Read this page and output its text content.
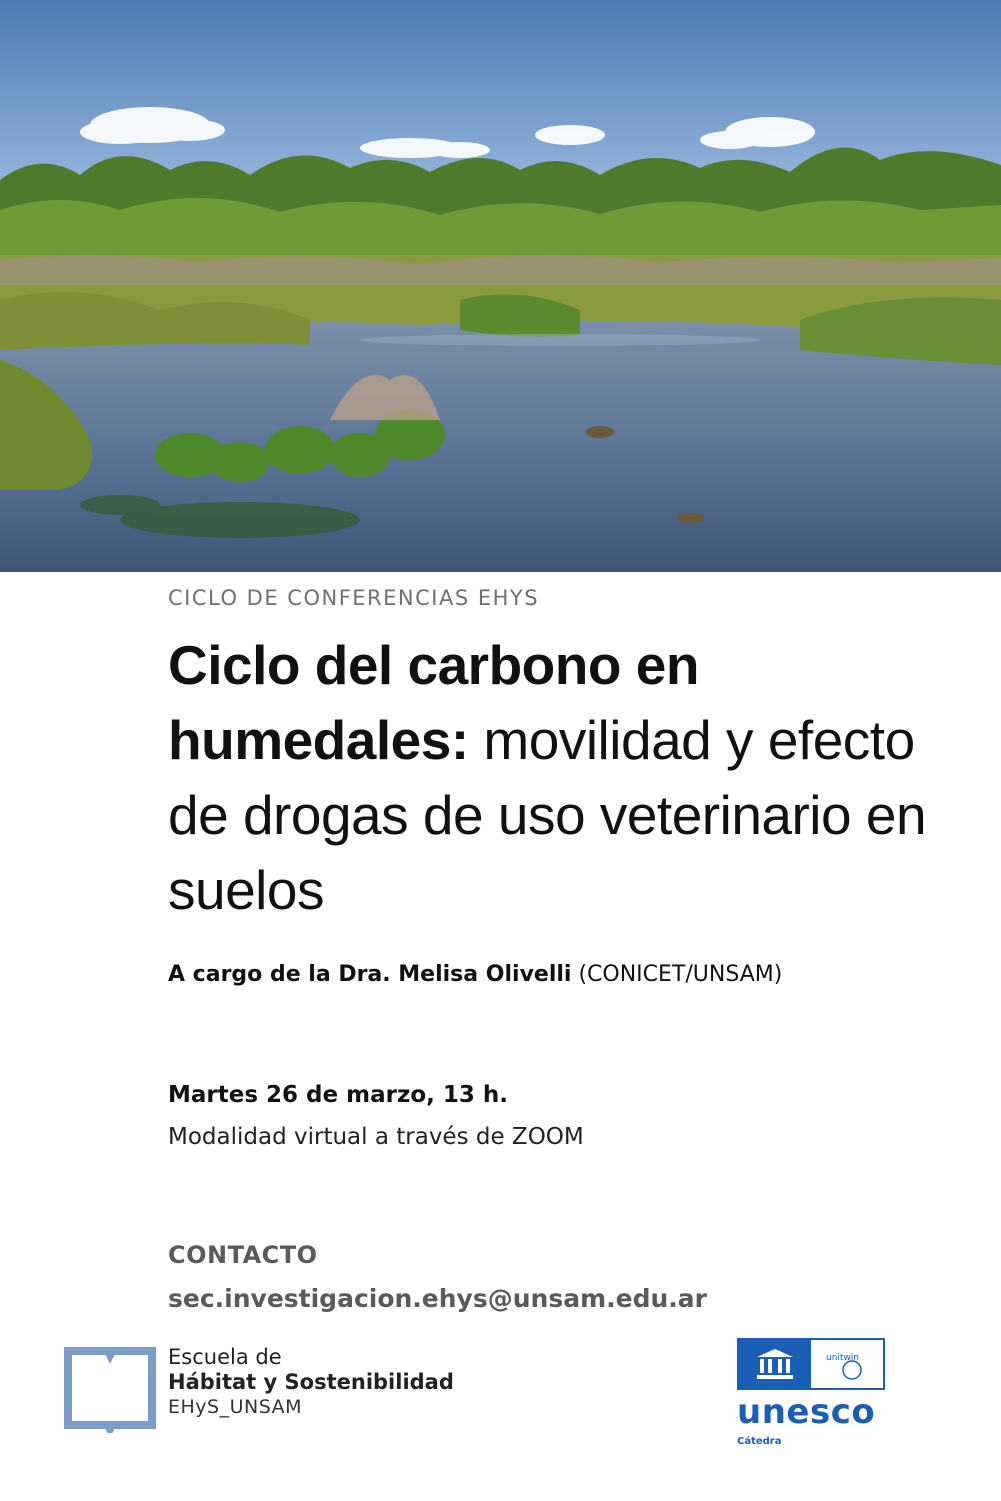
CICLO DE CONFERENCIAS EHYS

Ciclo del carbono en humedales: movilidad y efecto de drogas de uso veterinario en suelos

A cargo de la Dra. Melisa Olivelli (CONICET/UNSAM)

Martes 26 de marzo, 13 h.

Modalidad virtual a través de ZOOM

CONTACTO

sec.investigacion.ehys@unsam.edu.ar

Escuela de
Hábitat y Sostenibilidad
EHyS_UNSAM
unitwin
unesco
Cátedra
